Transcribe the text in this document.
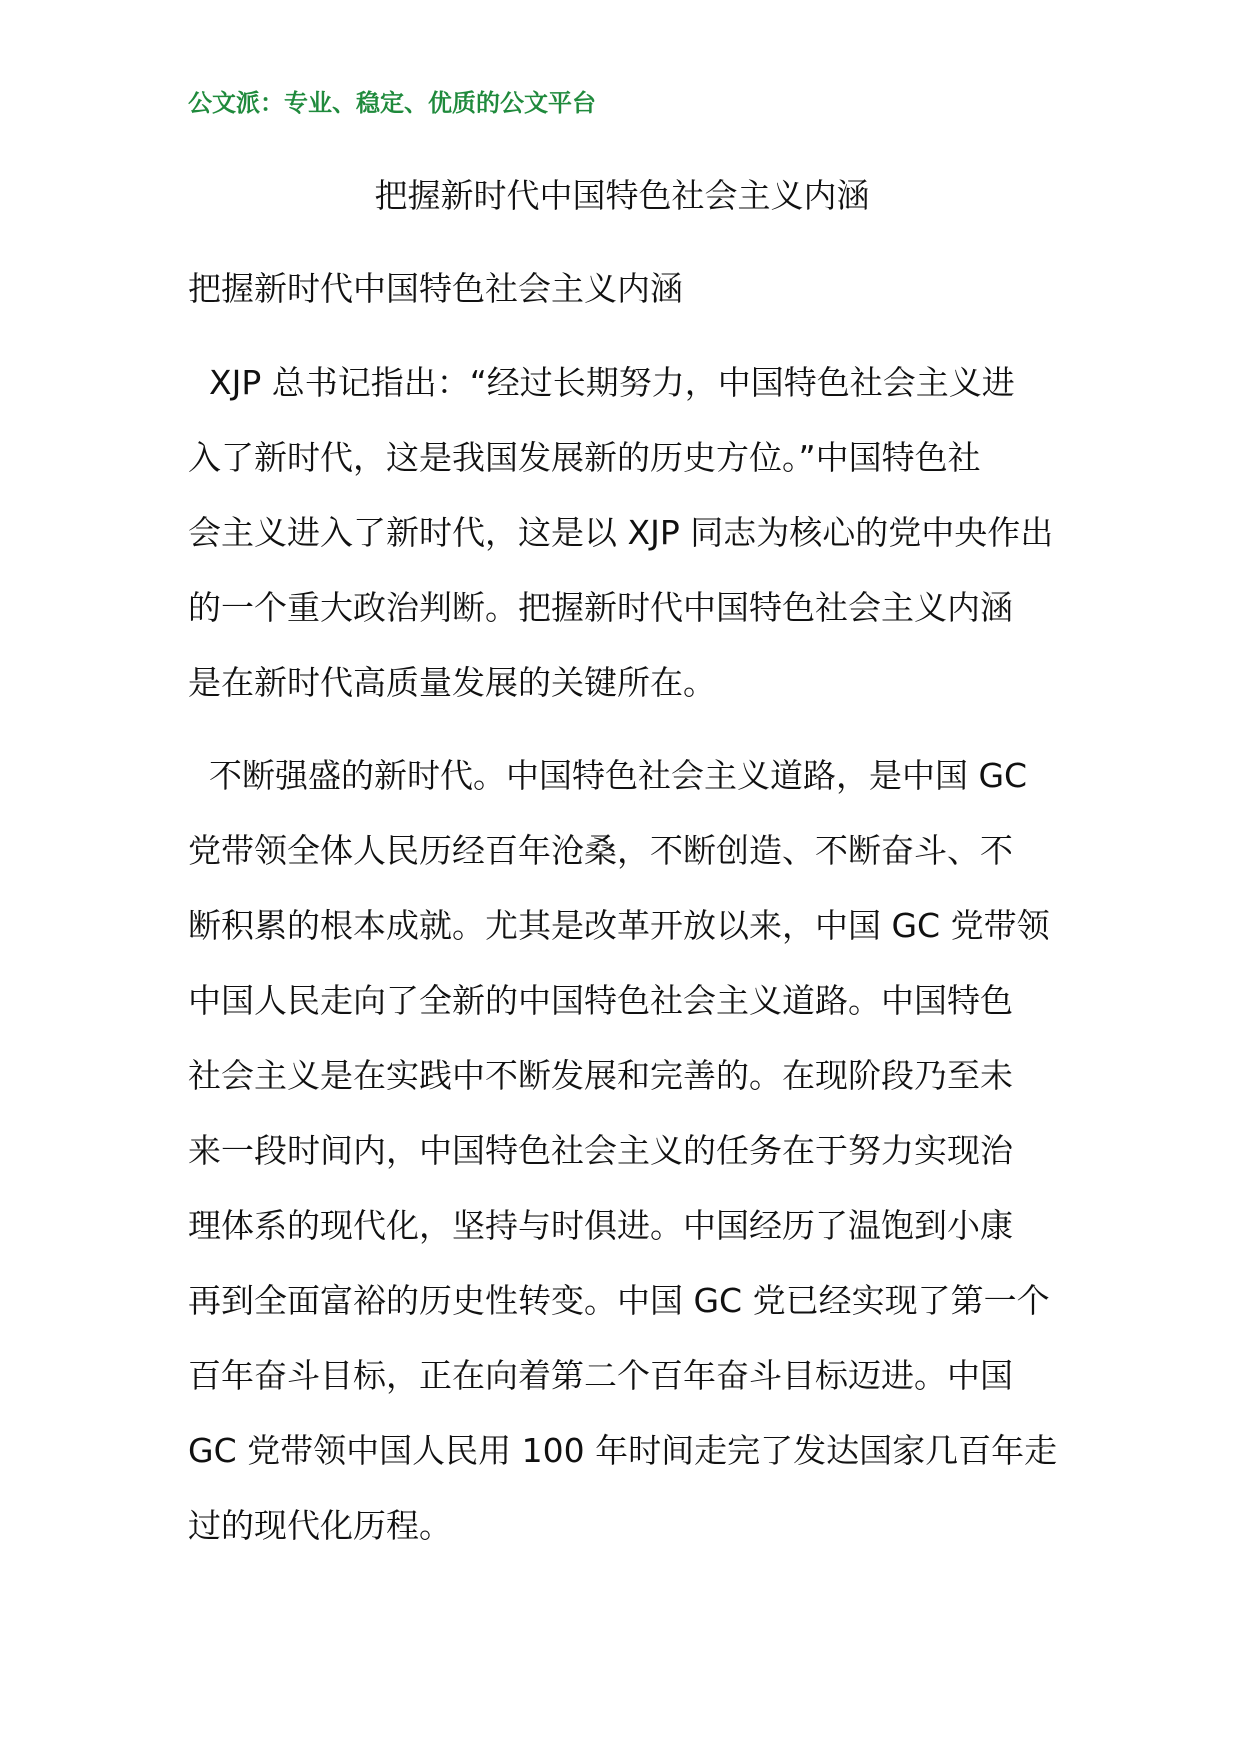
公文派：专业、稳定、优质的公文平台
把握新时代中国特色社会主义内涵
把握新时代中国特色社会主义内涵
XJP 总书记指出：“经过长期努力，中国特色社会主义进
入了新时代，这是我国发展新的历史方位。”中国特色社
会主义进入了新时代，这是以 XJP 同志为核心的党中央作出
的一个重大政治判断。把握新时代中国特色社会主义内涵
是在新时代高质量发展的关键所在。
不断强盛的新时代。中国特色社会主义道路，是中国 GC
党带领全体人民历经百年沧桑，不断创造、不断奋斗、不
断积累的根本成就。尤其是改革开放以来，中国 GC 党带领
中国人民走向了全新的中国特色社会主义道路。中国特色
社会主义是在实践中不断发展和完善的。在现阶段乃至未
来一段时间内，中国特色社会主义的任务在于努力实现治
理体系的现代化，坚持与时俱进。中国经历了温饱到小康
再到全面富裕的历史性转变。中国 GC 党已经实现了第一个
百年奋斗目标，正在向着第二个百年奋斗目标迈进。中国
GC 党带领中国人民用 100 年时间走完了发达国家几百年走
过的现代化历程。
